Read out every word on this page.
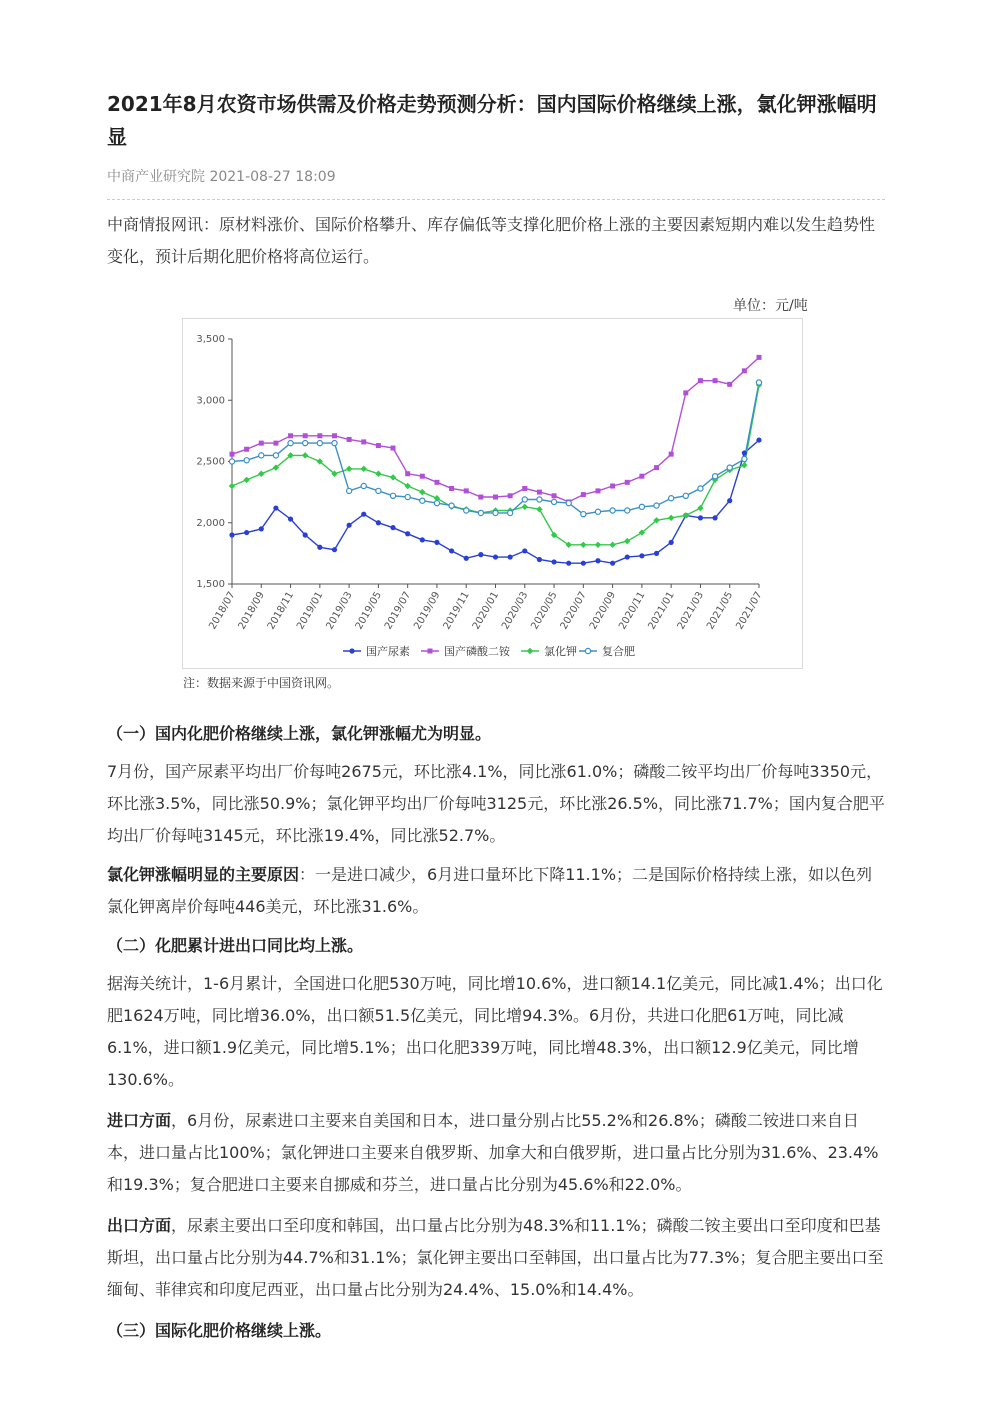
2021年8月农资市场供需及价格走势预测分析：国内国际价格继续上涨，氯化钾涨幅明显
中商产业研究院 2021-08-27 18:09

中商情报网讯：原材料涨价、国际价格攀升、库存偏低等支撑化肥价格上涨的主要因素短期内难以发生趋势性变化，预计后期化肥价格将高位运行。

单位：元/吨
1,500
2,000
2,500
3,000
3,500
2018/07
2018/09
2018/11
2019/01
2019/03
2019/05
2019/07
2019/09
2019/11
2020/01
2020/03
2020/05
2020/07
2020/09
2020/11
2021/01
2021/03
2021/05
2021/07
国产尿素	国产磷酸二铵	氯化钾 复合肥
注：数据来源于中国资讯网。

（一）国内化肥价格继续上涨，氯化钾涨幅尤为明显。

7月份，国产尿素平均出厂价每吨2675元，环比涨4.1%，同比涨61.0%；磷酸二铵平均出厂价每吨3350元，环比涨3.5%，同比涨50.9%；氯化钾平均出厂价每吨3125元，环比涨26.5%，同比涨71.7%；国内复合肥平均出厂价每吨3145元，环比涨19.4%，同比涨52.7%。

氯化钾涨幅明显的主要原因：一是进口减少，6月进口量环比下降11.1%；二是国际价格持续上涨，如以色列氯化钾离岸价每吨446美元，环比涨31.6%。

（二）化肥累计进出口同比均上涨。

据海关统计，1-6月累计，全国进口化肥530万吨，同比增10.6%，进口额14.1亿美元，同比减1.4%；出口化肥1624万吨，同比增36.0%，出口额51.5亿美元，同比增94.3%。6月份，共进口化肥61万吨，同比减6.1%，进口额1.9亿美元，同比增5.1%；出口化肥339万吨，同比增48.3%，出口额12.9亿美元，同比增130.6%。

进口方面，6月份，尿素进口主要来自美国和日本，进口量分别占比55.2%和26.8%；磷酸二铵进口来自日本，进口量占比100%；氯化钾进口主要来自俄罗斯、加拿大和白俄罗斯，进口量占比分别为31.6%、23.4%和19.3%；复合肥进口主要来自挪威和芬兰，进口量占比分别为45.6%和22.0%。

出口方面，尿素主要出口至印度和韩国，出口量占比分别为48.3%和11.1%；磷酸二铵主要出口至印度和巴基斯坦，出口量占比分别为44.7%和31.1%；氯化钾主要出口至韩国，出口量占比为77.3%；复合肥主要出口至缅甸、菲律宾和印度尼西亚，出口量占比分别为24.4%、15.0%和14.4%。

（三）国际化肥价格继续上涨。
